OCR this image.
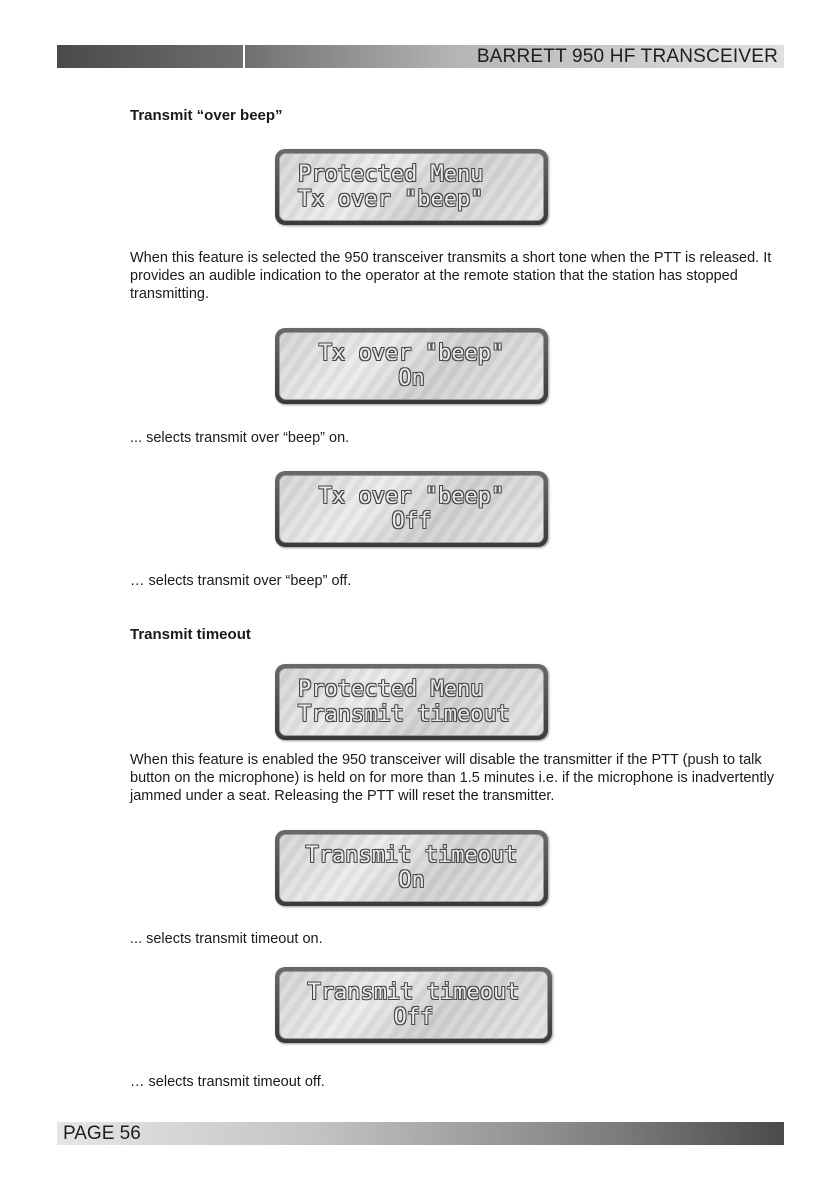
BARRETT 950 HF TRANSCEIVER
Transmit “over beep”
Protected Menu
Tx over "beep"
When this feature is selected the 950 transceiver transmits a short tone when the PTT is released. It provides an audible indication to the operator at the remote station that the station has stopped transmitting.
Tx over "beep"
On
... selects transmit over “beep” on.
Tx over "beep"
Off
… selects transmit over “beep” off.
Transmit timeout
Protected Menu
Transmit timeout
When this feature is enabled the 950 transceiver will disable the transmitter if the PTT (push to talk button on the microphone) is held on for more than 1.5 minutes i.e. if the microphone is inadvertently jammed under a seat. Releasing the PTT will reset the transmitter.
Transmit timeout
On
... selects transmit timeout on.
Transmit timeout
Off
… selects transmit timeout off.
PAGE 56
